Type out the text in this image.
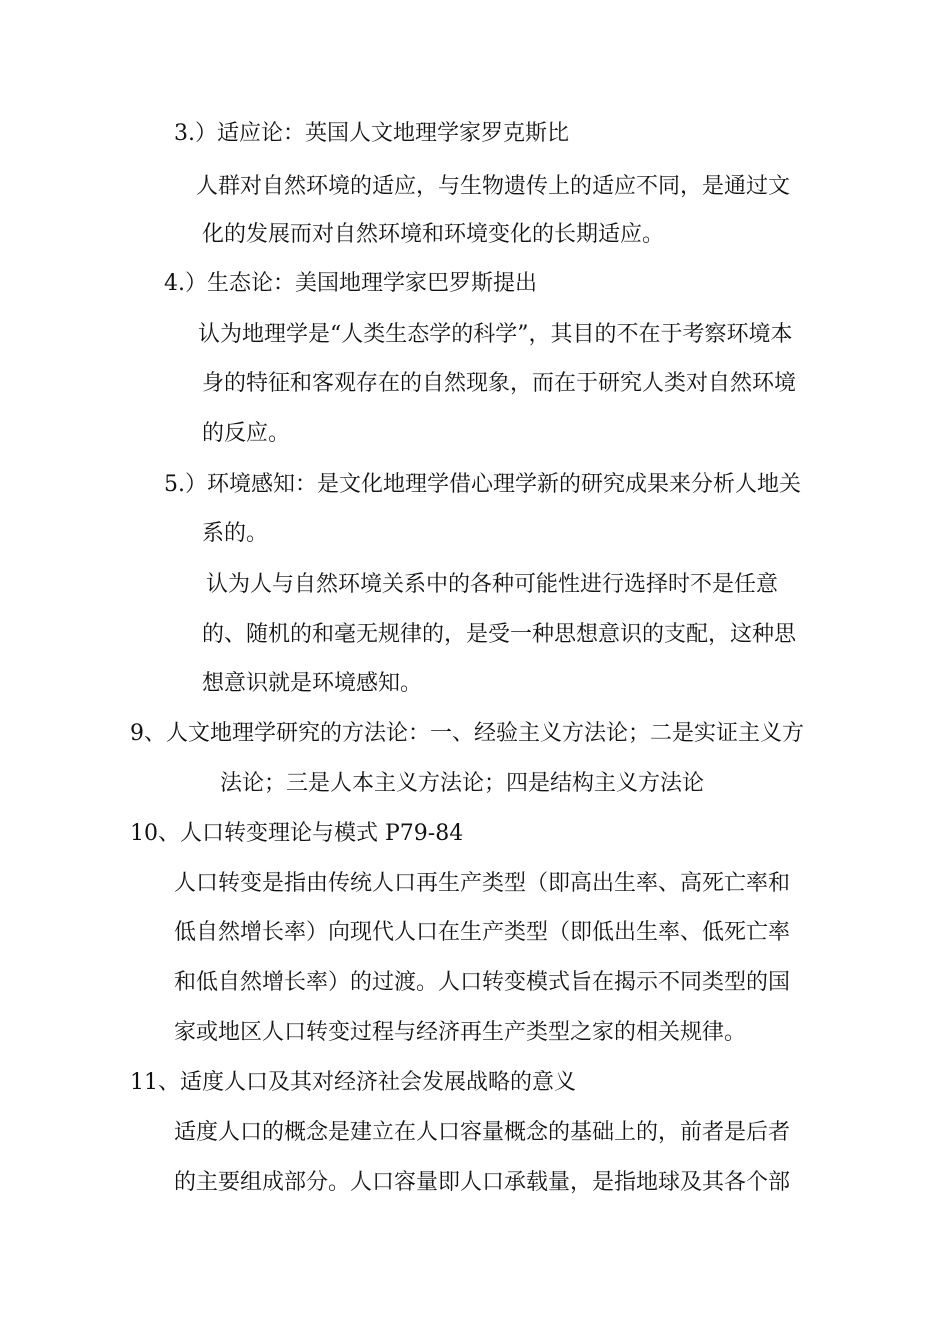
3.）适应论：英国人文地理学家罗克斯比
人群对自然环境的适应，与生物遗传上的适应不同，是通过文
化的发展而对自然环境和环境变化的长期适应。
4.）生态论：美国地理学家巴罗斯提出
认为地理学是“人类生态学的科学”，其目的不在于考察环境本
身的特征和客观存在的自然现象，而在于研究人类对自然环境
的反应。
5.）环境感知：是文化地理学借心理学新的研究成果来分析人地关
系的。
认为人与自然环境关系中的各种可能性进行选择时不是任意
的、随机的和毫无规律的，是受一种思想意识的支配，这种思
想意识就是环境感知。
9、人文地理学研究的方法论：一、经验主义方法论；二是实证主义方
法论；三是人本主义方法论；四是结构主义方法论
10、人口转变理论与模式 P79-84
人口转变是指由传统人口再生产类型（即高出生率、高死亡率和
低自然增长率）向现代人口在生产类型（即低出生率、低死亡率
和低自然增长率）的过渡。人口转变模式旨在揭示不同类型的国
家或地区人口转变过程与经济再生产类型之家的相关规律。
11、适度人口及其对经济社会发展战略的意义
适度人口的概念是建立在人口容量概念的基础上的，前者是后者
的主要组成部分。人口容量即人口承载量，是指地球及其各个部
